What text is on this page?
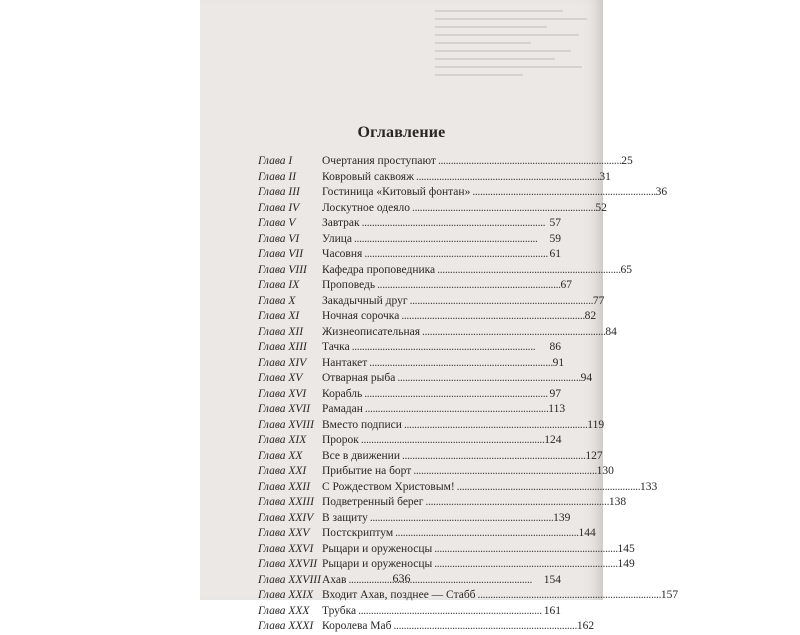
Оглавление
Глава I	Очертания проступают . . .	25
Глава II	Ковровый саквояж . . .	31
Глава III	Гостиница «Китовый фонтан» . . .	36
Глава IV	Лоскутное одеяло . . .	52
Глава V	Завтрак . . .	57
Глава VI	Улица . . .	59
Глава VII	Часовня . . .	61
Глава VIII	Кафедра проповедника . . .	65
Глава IX	Проповедь . . .	67
Глава X	Закадычный друг . . .	77
Глава XI	Ночная сорочка . . .	82
Глава XII	Жизнеописательная . . .	84
Глава XIII	Тачка . . .	86
Глава XIV	Нантакет . . .	91
Глава XV	Отварная рыба . . .	94
Глава XVI	Корабль . . .	97
Глава XVII	Рамадан . . .	113
Глава XVIII Вместо подписи . . .	119
Глава XIX	Пророк . . .	124
Глава XX	Все в движении . . .	127
Глава XXI	Прибытие на борт . . .	130
Глава XXII	С Рождеством Христовым! . . .	133
Глава XXIII Подветренный берег . . .	138
Глава XXIV В защиту . . .	139
Глава XXV	Постскриптум . . .	144
Глава XXVI Рыцари и оруженосцы . . .	145
Глава XXVII Рыцари и оруженосцы . . .	149
Глава XXVIII Ахав . . .	154
Глава XXIX Входит Ахав, позднее — Стабб . . .	157
Глава XXX	Трубка . . .	161
Глава XXXI Королева Маб . . .	162
636
